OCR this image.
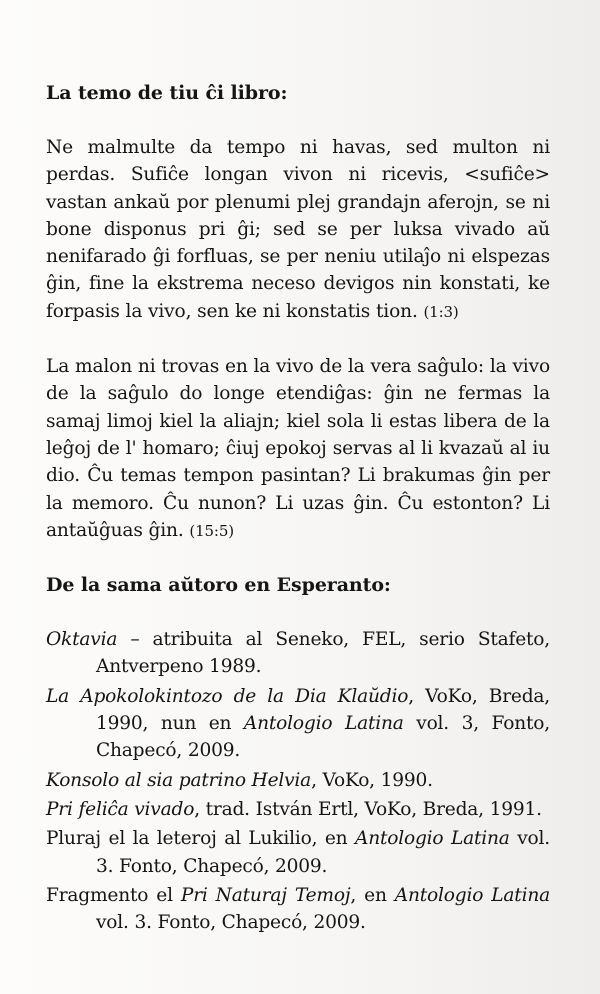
La temo de tiu ĉi libro:

Ne malmulte da tempo ni havas, sed multon ni perdas. Sufiĉe longan vivon ni ricevis, <sufiĉe> vastan ankaŭ por plenumi plej grandajn aferojn, se ni bone disponus pri ĝi; sed se per luksa vivado aŭ nenifarado ĝi forfluas, se per neniu utilaĵo ni elspezas ĝin, fine la ekstrema neceso devigos nin konstati, ke forpasis la vivo, sen ke ni konstatis tion. (1:3)

La malon ni trovas en la vivo de la vera saĝulo: la vivo de la saĝulo do longe etendiĝas: ĝin ne fermas la samaj limoj kiel la aliajn; kiel sola li estas libera de la leĝoj de l' homaro; ĉiuj epokoj servas al li kvazaŭ al iu dio. Ĉu temas tempon pasintan? Li brakumas ĝin per la memoro. Ĉu nunon? Li uzas ĝin. Ĉu estonton? Li antaŭĝuas ĝin. (15:5)

De la sama aŭtoro en Esperanto:
Oktavia – atribuita al Seneko, FEL, serio Stafeto, Antverpeno 1989.
La Apokolokintozo de la Dia Klaŭdio, VoKo, Breda, 1990, nun en Antologio Latina vol. 3, Fonto, Chapecó, 2009.
Konsolo al sia patrino Helvia, VoKo, 1990.
Pri feliĉa vivado, trad. István Ertl, VoKo, Breda, 1991.
Pluraj el la leteroj al Lukilio, en Antologio Latina vol. 3. Fonto, Chapecó, 2009.
Fragmento el Pri Naturaj Temoj, en Antologio Latina vol. 3. Fonto, Chapecó, 2009.
